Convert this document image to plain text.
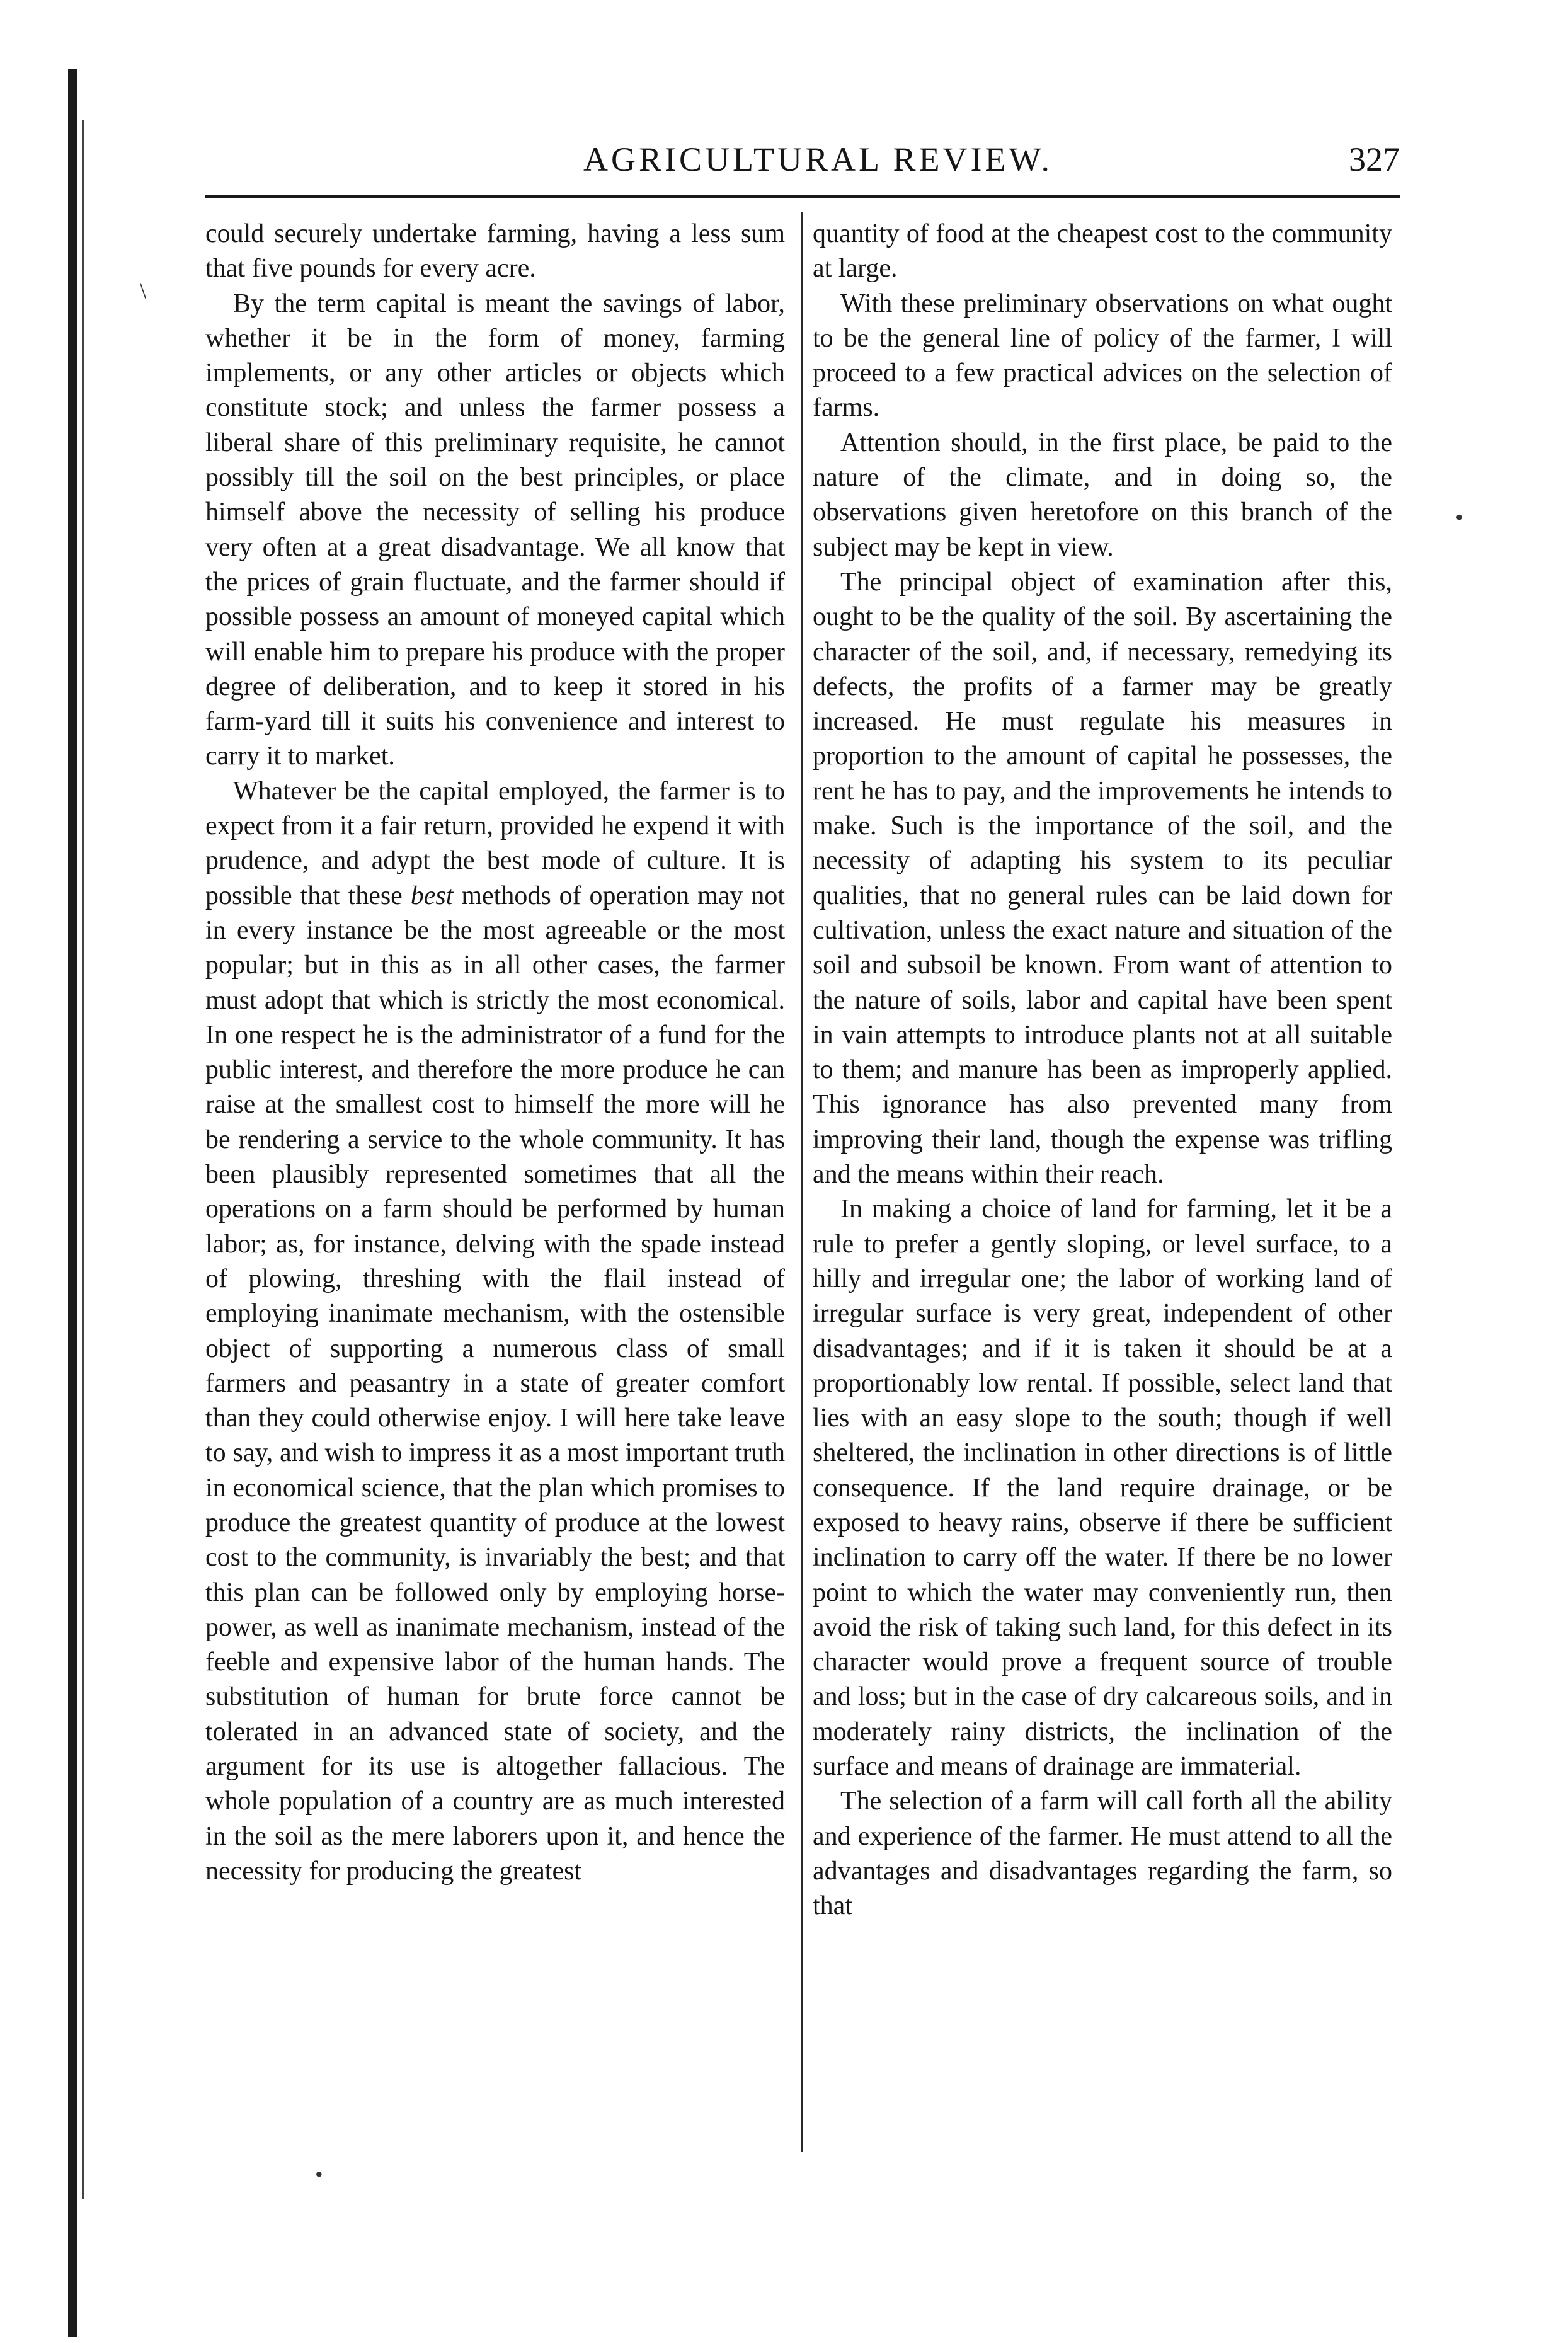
AGRICULTURAL REVIEW.	327

could securely undertake farming, having a less sum that five pounds for every acre.

By the term capital is meant the savings of labor, whether it be in the form of money, farming implements, or any other articles or objects which constitute stock; and unless the farmer possess a liberal share of this preliminary requisite, he cannot possibly till the soil on the best principles, or place himself above the necessity of selling his produce very often at a great disadvantage. We all know that the prices of grain fluctuate, and the farmer should if possible possess an amount of moneyed capital which will enable him to prepare his produce with the proper degree of deliberation, and to keep it stored in his farm-yard till it suits his convenience and interest to carry it to market.

Whatever be the capital employed, the farmer is to expect from it a fair return, provided he expend it with prudence, and adypt the best mode of culture. It is possible that these best methods of operation may not in every instance be the most agreeable or the most popular; but in this as in all other cases, the farmer must adopt that which is strictly the most economical. In one respect he is the administrator of a fund for the public interest, and therefore the more produce he can raise at the smallest cost to himself the more will he be rendering a service to the whole community. It has been plausibly represented sometimes that all the operations on a farm should be performed by human labor; as, for instance, delving with the spade instead of plowing, threshing with the flail instead of employing inanimate mechanism, with the ostensible object of supporting a numerous class of small farmers and peasantry in a state of greater comfort than they could otherwise enjoy. I will here take leave to say, and wish to impress it as a most important truth in economical science, that the plan which promises to produce the greatest quantity of produce at the lowest cost to the community, is invariably the best; and that this plan can be followed only by employing horse-power, as well as inanimate mechanism, instead of the feeble and expensive labor of the human hands. The substitution of human for brute force cannot be tolerated in an advanced state of society, and the argument for its use is altogether fallacious. The whole population of a country are as much interested in the soil as the mere laborers upon it, and hence the necessity for producing the greatest

quantity of food at the cheapest cost to the community at large.

With these preliminary observations on what ought to be the general line of policy of the farmer, I will proceed to a few practical advices on the selection of farms.

Attention should, in the first place, be paid to the nature of the climate, and in doing so, the observations given heretofore on this branch of the subject may be kept in view.

The principal object of examination after this, ought to be the quality of the soil. By ascertaining the character of the soil, and, if necessary, remedying its defects, the profits of a farmer may be greatly increased. He must regulate his measures in proportion to the amount of capital he possesses, the rent he has to pay, and the improvements he intends to make. Such is the importance of the soil, and the necessity of adapting his system to its peculiar qualities, that no general rules can be laid down for cultivation, unless the exact nature and situation of the soil and subsoil be known. From want of attention to the nature of soils, labor and capital have been spent in vain attempts to introduce plants not at all suitable to them; and manure has been as improperly applied. This ignorance has also prevented many from improving their land, though the expense was trifling and the means within their reach.

In making a choice of land for farming, let it be a rule to prefer a gently sloping, or level surface, to a hilly and irregular one; the labor of working land of irregular surface is very great, independent of other disadvantages; and if it is taken it should be at a proportionably low rental. If possible, select land that lies with an easy slope to the south; though if well sheltered, the inclination in other directions is of little consequence. If the land require drainage, or be exposed to heavy rains, observe if there be sufficient inclination to carry off the water. If there be no lower point to which the water may conveniently run, then avoid the risk of taking such land, for this defect in its character would prove a frequent source of trouble and loss; but in the case of dry calcareous soils, and in moderately rainy districts, the inclination of the surface and means of drainage are immaterial.

The selection of a farm will call forth all the ability and experience of the farmer. He must attend to all the advantages and disadvantages regarding the farm, so that

\
•
•
